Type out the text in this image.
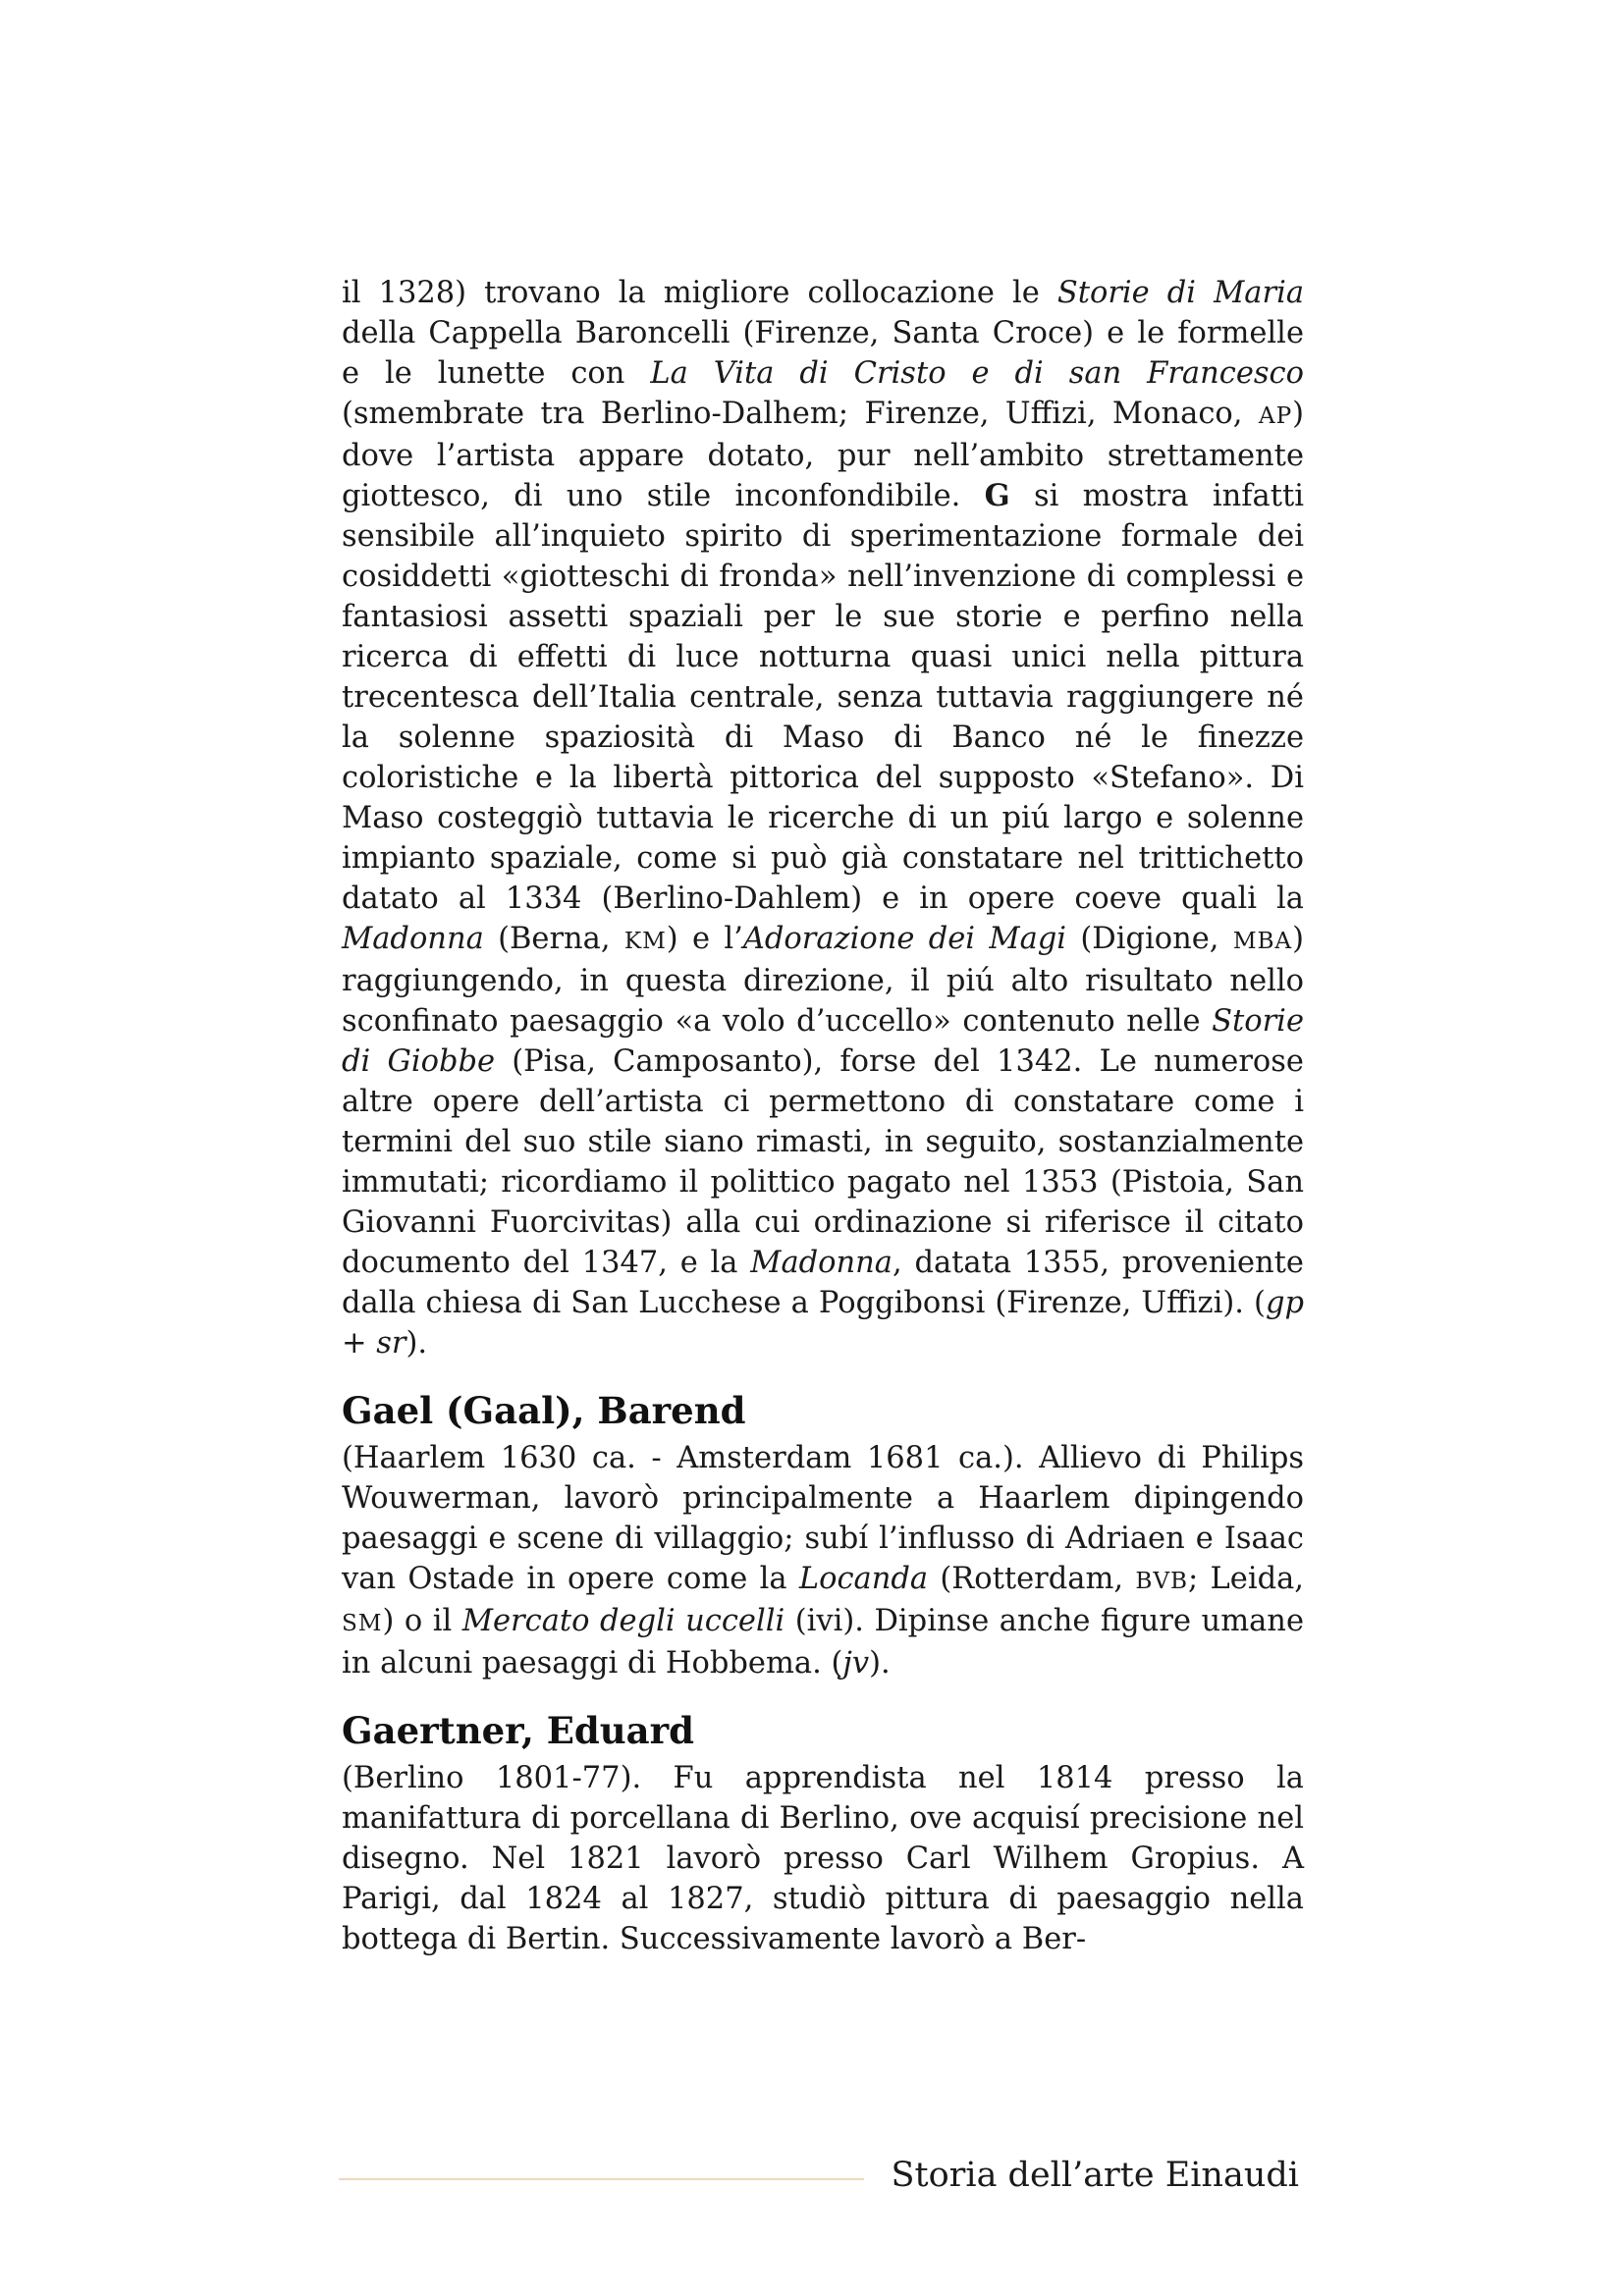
il 1328) trovano la migliore collocazione le Storie di Maria della Cappella Baroncelli (Firenze, Santa Croce) e le formelle e le lunette con La Vita di Cristo e di san Francesco (smembrate tra Berlino-Dalhem; Firenze, Uffizi, Monaco, AP) dove l’artista appare dotato, pur nell’ambito strettamente giottesco, di uno stile inconfondibile. G si mostra infatti sensibile all’inquieto spirito di sperimentazione formale dei cosiddetti «giotteschi di fronda» nell’invenzione di complessi e fantasiosi assetti spaziali per le sue storie e perfino nella ricerca di effetti di luce notturna quasi unici nella pittura trecentesca dell’Italia centrale, senza tuttavia raggiungere né la solenne spaziosità di Maso di Banco né le finezze coloristiche e la libertà pittorica del supposto «Stefano». Di Maso costeggiò tuttavia le ricerche di un piú largo e solenne impianto spaziale, come si può già constatare nel trittichetto datato al 1334 (Berlino-Dahlem) e in opere coeve quali la Madonna (Berna, KM) e l’Adorazione dei Magi (Digione, MBA) raggiungendo, in questa direzione, il piú alto risultato nello sconfinato paesaggio «a volo d’uccello» contenuto nelle Storie di Giobbe (Pisa, Camposanto), forse del 1342. Le numerose altre opere dell’artista ci permettono di constatare come i termini del suo stile siano rimasti, in seguito, sostanzialmente immutati; ricordiamo il polittico pagato nel 1353 (Pistoia, San Giovanni Fuorcivitas) alla cui ordinazione si riferisce il citato documento del 1347, e la Madonna, datata 1355, proveniente dalla chiesa di San Lucchese a Poggibonsi (Firenze, Uffizi). (gp + sr).

Gael (Gaal), Barend

(Haarlem 1630 ca. - Amsterdam 1681 ca.). Allievo di Philips Wouwerman, lavorò principalmente a Haarlem dipingendo paesaggi e scene di villaggio; subí l’influsso di Adriaen e Isaac van Ostade in opere come la Locanda (Rotterdam, BVB; Leida, SM) o il Mercato degli uccelli (ivi). Dipinse anche figure umane in alcuni paesaggi di Hobbema. (jv).

Gaertner, Eduard

(Berlino 1801-77). Fu apprendista nel 1814 presso la manifattura di porcellana di Berlino, ove acquisí precisione nel disegno. Nel 1821 lavorò presso Carl Wilhem Gropius. A Parigi, dal 1824 al 1827, studiò pittura di paesaggio nella bottega di Bertin. Successivamente lavorò a Ber-

Storia dell’arte Einaudi
